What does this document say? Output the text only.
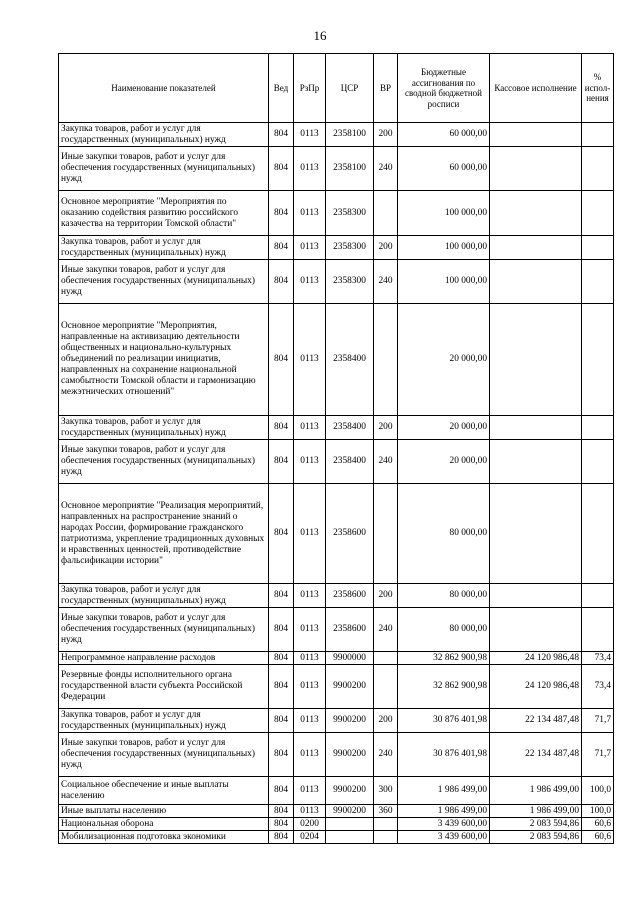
16
Наименование показателей	Вед	РзПр	ЦСР	ВР	Бюджетные ассигнования по сводной бюджетной росписи	Кассовое исполнение	% испол-нения
Закупка товаров, работ и услуг для государственных (муниципальных) нужд	804	0113	2358100	200	60 000,00		
Иные закупки товаров, работ и услуг для обеспечения государственных (муниципальных) нужд	804	0113	2358100	240	60 000,00		
Основное мероприятие "Мероприятия по оказанию содействия развитию российского казачества на территории Томской области"	804	0113	2358300		100 000,00		
Закупка товаров, работ и услуг для государственных (муниципальных) нужд	804	0113	2358300	200	100 000,00		
Иные закупки товаров, работ и услуг для обеспечения государственных (муниципальных) нужд	804	0113	2358300	240	100 000,00		
Основное мероприятие "Мероприятия, направленные на активизацию деятельности общественных и национально-культурных объединений по реализации инициатив, направленных на сохранение национальной самобытности Томской области и гармонизацию межэтнических отношений"	804	0113	2358400		20 000,00		
Закупка товаров, работ и услуг для государственных (муниципальных) нужд	804	0113	2358400	200	20 000,00		
Иные закупки товаров, работ и услуг для обеспечения государственных (муниципальных) нужд	804	0113	2358400	240	20 000,00		
Основное мероприятие "Реализация мероприятий, направленных на распространение знаний о народах России, формирование гражданского патриотизма, укрепление традиционных духовных и нравственных ценностей, противодействие фальсификации истории"	804	0113	2358600		80 000,00		
Закупка товаров, работ и услуг для государственных (муниципальных) нужд	804	0113	2358600	200	80 000,00		
Иные закупки товаров, работ и услуг для обеспечения государственных (муниципальных) нужд	804	0113	2358600	240	80 000,00		
Непрограммное направление расходов	804	0113	9900000		32 862 900,98	24 120 986,48	73,4
Резервные фонды исполнительного органа государственной власти субъекта Российской Федерации	804	0113	9900200		32 862 900,98	24 120 986,48	73,4
Закупка товаров, работ и услуг для государственных (муниципальных) нужд	804	0113	9900200	200	30 876 401,98	22 134 487,48	71,7
Иные закупки товаров, работ и услуг для обеспечения государственных (муниципальных) нужд	804	0113	9900200	240	30 876 401,98	22 134 487,48	71,7
Социальное обеспечение и иные выплаты населению	804	0113	9900200	300	1 986 499,00	1 986 499,00	100,0
Иные выплаты населению	804	0113	9900200	360	1 986 499,00	1 986 499,00	100,0
Национальная оборона	804	0200			3 439 600,00	2 083 594,86	60,6
Мобилизационная подготовка экономики	804	0204			3 439 600,00	2 083 594,86	60,6
